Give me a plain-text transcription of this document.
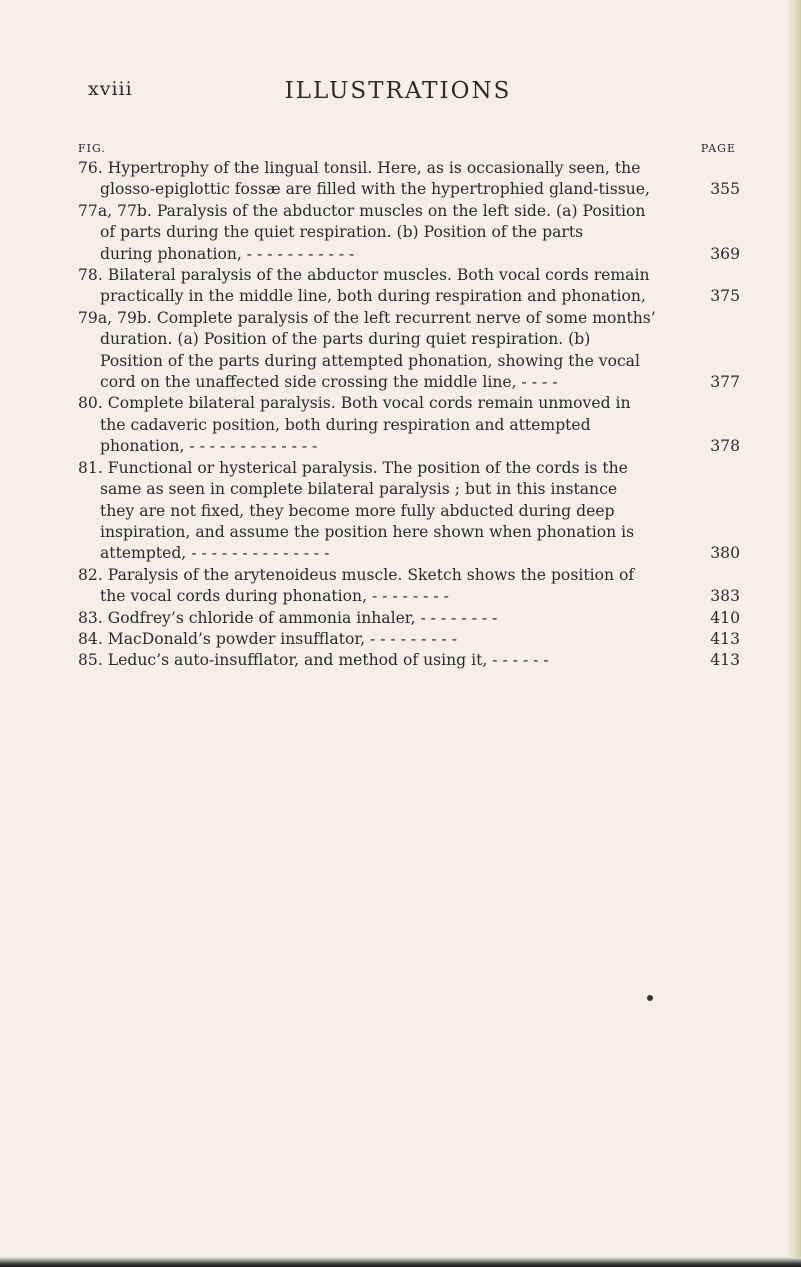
xviii	ILLUSTRATIONS
FIG.	PAGE
76. Hypertrophy of the lingual tonsil. Here, as is occasionally seen, the
glosso-epiglottic fossæ are filled with the hypertrophied gland-tissue,	355
77a, 77b. Paralysis of the abductor muscles on the left side. (a) Position
of parts during the quiet respiration. (b) Position of the parts
during phonation, - - - - - - - - - - -	369
78. Bilateral paralysis of the abductor muscles. Both vocal cords remain
practically in the middle line, both during respiration and phonation,	375
79a, 79b. Complete paralysis of the left recurrent nerve of some months’
duration. (a) Position of the parts during quiet respiration. (b)
Position of the parts during attempted phonation, showing the vocal
cord on the unaffected side crossing the middle line, - - - -	377
80. Complete bilateral paralysis. Both vocal cords remain unmoved in
the cadaveric position, both during respiration and attempted
phonation, - - - - - - - - - - - - -	378
81. Functional or hysterical paralysis. The position of the cords is the
same as seen in complete bilateral paralysis ; but in this instance
they are not fixed, they become more fully abducted during deep
inspiration, and assume the position here shown when phonation is
attempted, - - - - - - - - - - - - - -	380
82. Paralysis of the arytenoideus muscle. Sketch shows the position of
the vocal cords during phonation, - - - - - - - -	383
83. Godfrey’s chloride of ammonia inhaler, - - - - - - - -	410
84. MacDonald’s powder insufflator, - - - - - - - - -	413
85. Leduc’s auto-insufflator, and method of using it, - - - - - -	413
